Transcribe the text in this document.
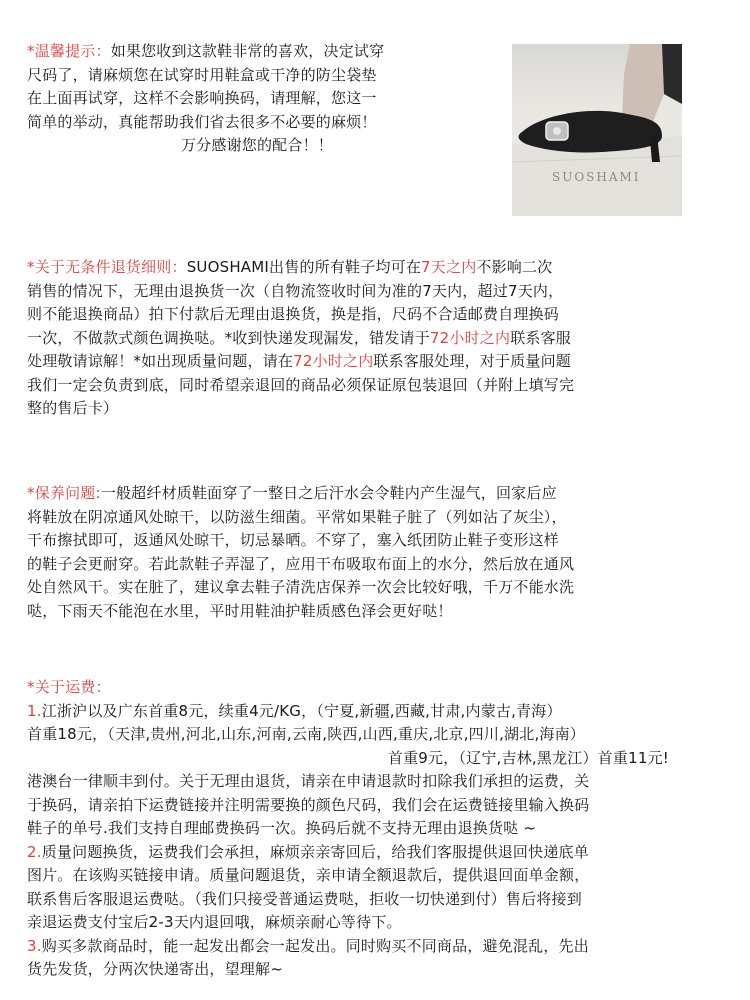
*温馨提示：如果您收到这款鞋非常的喜欢，决定试穿

尺码了，请麻烦您在试穿时用鞋盒或干净的防尘袋垫

在上面再试穿，这样不会影响换码，请理解，您这一

简单的举动，真能帮助我们省去很多不必要的麻烦！

万分感谢您的配合！！

SUOSHAMI

*关于无条件退货细则：SUOSHAMI出售的所有鞋子均可在7天之内不影响二次

销售的情况下，无理由退换货一次（自物流签收时间为准的7天内，超过7天内，

则不能退换商品）拍下付款后无理由退换货，换是指，尺码不合适邮费自理换码

一次，不做款式颜色调换哒。*收到快递发现漏发，错发请于72小时之内联系客服

处理敬请谅解！*如出现质量问题，请在72小时之内联系客服处理，对于质量问题

我们一定会负责到底，同时希望亲退回的商品必须保证原包装退回（并附上填写完

整的售后卡）

*保养问题:一般超纤材质鞋面穿了一整日之后汗水会令鞋内产生湿气，回家后应

将鞋放在阴凉通风处晾干，以防滋生细菌。平常如果鞋子脏了（列如沾了灰尘），

干布擦拭即可，返通风处晾干，切忌暴晒。不穿了，塞入纸团防止鞋子变形这样

的鞋子会更耐穿。若此款鞋子弄湿了，应用干布吸取布面上的水分，然后放在通风

处自然风干。实在脏了，建议拿去鞋子清洗店保养一次会比较好哦，千万不能水洗

哒，下雨天不能泡在水里，平时用鞋油护鞋质感色泽会更好哒！

*关于运费：

1.江浙沪以及广东首重8元，续重4元/KG，（宁夏,新疆,西藏,甘肃,内蒙古,青海）

首重18元，（天津,贵州,河北,山东,河南,云南,陕西,山西,重庆,北京,四川,湖北,海南）

首重9元，（辽宁,吉林,黑龙江）首重11元!

港澳台一律顺丰到付。关于无理由退货，请亲在申请退款时扣除我们承担的运费，关

于换码，请亲拍下运费链接并注明需要换的颜色尺码，我们会在运费链接里输入换码

鞋子的单号.我们支持自理邮费换码一次。换码后就不支持无理由退换货哒 ~

2.质量问题换货，运费我们会承担，麻烦亲亲寄回后，给我们客服提供退回快递底单

图片。在该购买链接申请。质量问题退货，亲申请全额退款后，提供退回面单金额，

联系售后客服退运费哒。（我们只接受普通运费哒，拒收一切快递到付）售后将接到

亲退运费支付宝后2-3天内退回哦，麻烦亲耐心等待下。

3.购买多款商品时，能一起发出都会一起发出。同时购买不同商品，避免混乱，先出

货先发货，分两次快递寄出，望理解~
